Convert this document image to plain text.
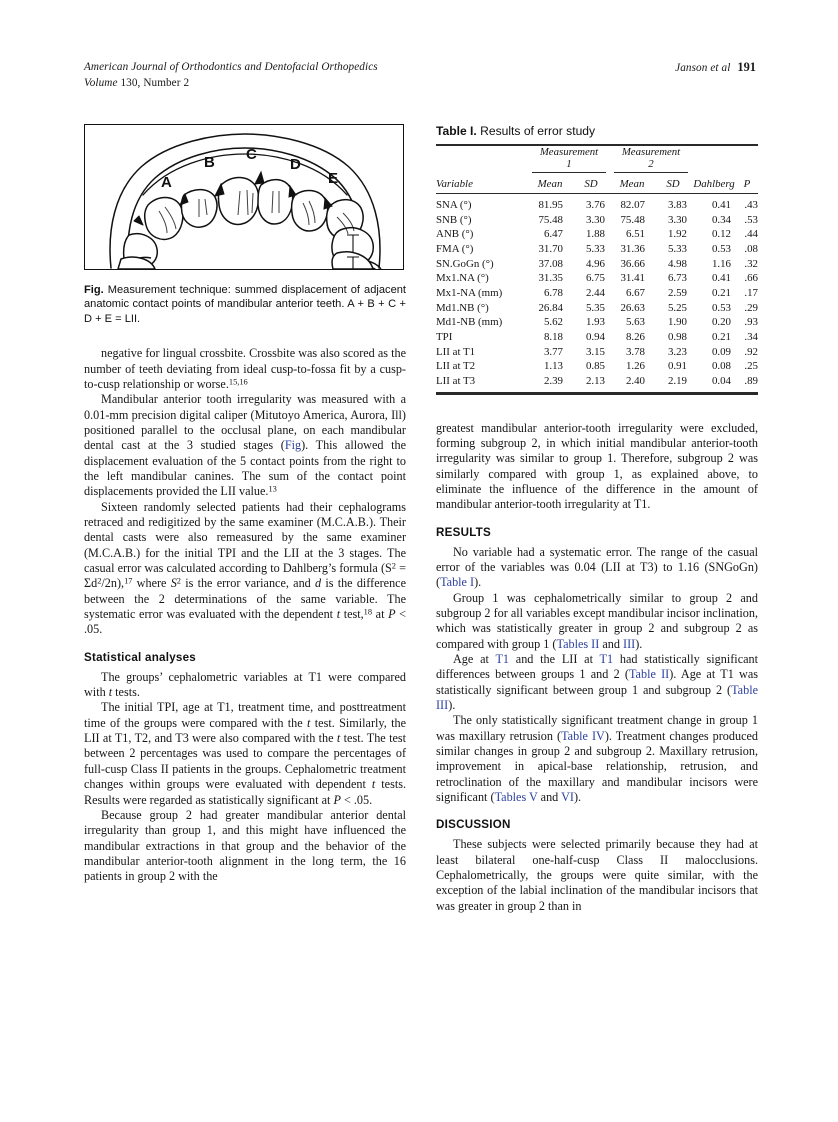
American Journal of Orthodontics and Dentofacial Orthopedics
Volume 130, Number 2
Janson et al 191
A
B C
D
E

Fig. Measurement technique: summed displacement of adjacent anatomic contact points of mandibular anterior teeth. A + B + C + D + E = LII.

negative for lingual crossbite. Crossbite was also scored as the number of teeth deviating from ideal cusp-to-fossa fit by a cusp-to-cusp relationship or worse.$^{15,16}$

Mandibular anterior tooth irregularity was measured with a 0.01-mm precision digital caliper (Mitutoyo America, Aurora, Ill) positioned parallel to the occlusal plane, on each mandibular dental cast at the 3 studied stages (Fig). This allowed the displacement evaluation of the 5 contact points from the right to the left mandibular canines. The sum of the contact point displacements provided the LII value.$^{13}$

Sixteen randomly selected patients had their cephalograms retraced and redigitized by the same examiner (M.C.A.B.). Their dental casts were also remeasured by the same examiner (M.C.A.B.) for the initial TPI and the LII at the 3 stages. The casual error was calculated according to Dahlberg’s formula (S$^2$ = Σd$^2$/2n),$^{17}$ where S$^2$ is the error variance, and d is the difference between the 2 determinations of the same variable. The systematic error was evaluated with the dependent t test,$^{18}$ at P < .05.

Statistical analyses

The groups’ cephalometric variables at T1 were compared with t tests.

The initial TPI, age at T1, treatment time, and posttreatment time of the groups were compared with the t test. Similarly, the LII at T1, T2, and T3 were also compared with the t test. The test between 2 percentages was used to compare the percentages of full-cusp Class II patients in the groups. Cephalometric treatment changes within groups were evaluated with dependent t tests. Results were regarded as statistically significant at P < .05.

Because group 2 had greater mandibular anterior dental irregularity than group 1, and this might have influenced the mandibular extractions in that group and the behavior of the mandibular anterior-tooth alignment in the long term, the 16 patients in group 2 with the

Table I. Results of error study

Measurement
1

Measurement
2

Variable	Mean	SD	Mean	SD	Dahlberg	P

SNA (°)	81.95	3.76	82.07	3.83	0.41	.43
SNB (°)	75.48	3.30	75.48	3.30	0.34	.53
ANB (°)	6.47	1.88	6.51	1.92	0.12	.44
FMA (°)	31.70	5.33	31.36	5.33	0.53	.08
SN.GoGn (°)	37.08	4.96	36.66	4.98	1.16	.32
Mx1.NA (°)	31.35	6.75	31.41	6.73	0.41	.66
Mx1-NA (mm)	6.78	2.44	6.67	2.59	0.21	.17
Md1.NB (°)	26.84	5.35	26.63	5.25	0.53	.29
Md1-NB (mm)	5.62	1.93	5.63	1.90	0.20	.93
TPI	8.18	0.94	8.26	0.98	0.21	.34
LII at T1	3.77	3.15	3.78	3.23	0.09	.92
LII at T2	1.13	0.85	1.26	0.91	0.08	.25
LII at T3	2.39	2.13	2.40	2.19	0.04	.89

greatest mandibular anterior-tooth irregularity were excluded, forming subgroup 2, in which initial mandibular anterior-tooth irregularity was similar to group 1. Therefore, subgroup 2 was similarly compared with group 1, as explained above, to eliminate the influence of the difference in the amount of mandibular anterior-tooth irregularity at T1.

RESULTS

No variable had a systematic error. The range of the casual error of the variables was 0.04 (LII at T3) to 1.16 (SNGoGn) (Table I).

Group 1 was cephalometrically similar to group 2 and subgroup 2 for all variables except mandibular incisor inclination, which was statistically greater in group 2 and subgroup 2 as compared with group 1 (Tables II and III).

Age at T1 and the LII at T1 had statistically significant differences between groups 1 and 2 (Table II). Age at T1 was statistically significant between group 1 and subgroup 2 (Table III).

The only statistically significant treatment change in group 1 was maxillary retrusion (Table IV). Treatment changes produced similar changes in group 2 and subgroup 2. Maxillary retrusion, improvement in apical-base relationship, retrusion, and retroclination of the maxillary and mandibular incisors were significant (Tables V and VI).

DISCUSSION

These subjects were selected primarily because they had at least bilateral one-half-cusp Class II malocclusions. Cephalometrically, the groups were quite similar, with the exception of the labial inclination of the mandibular incisors that was greater in group 2 than in
